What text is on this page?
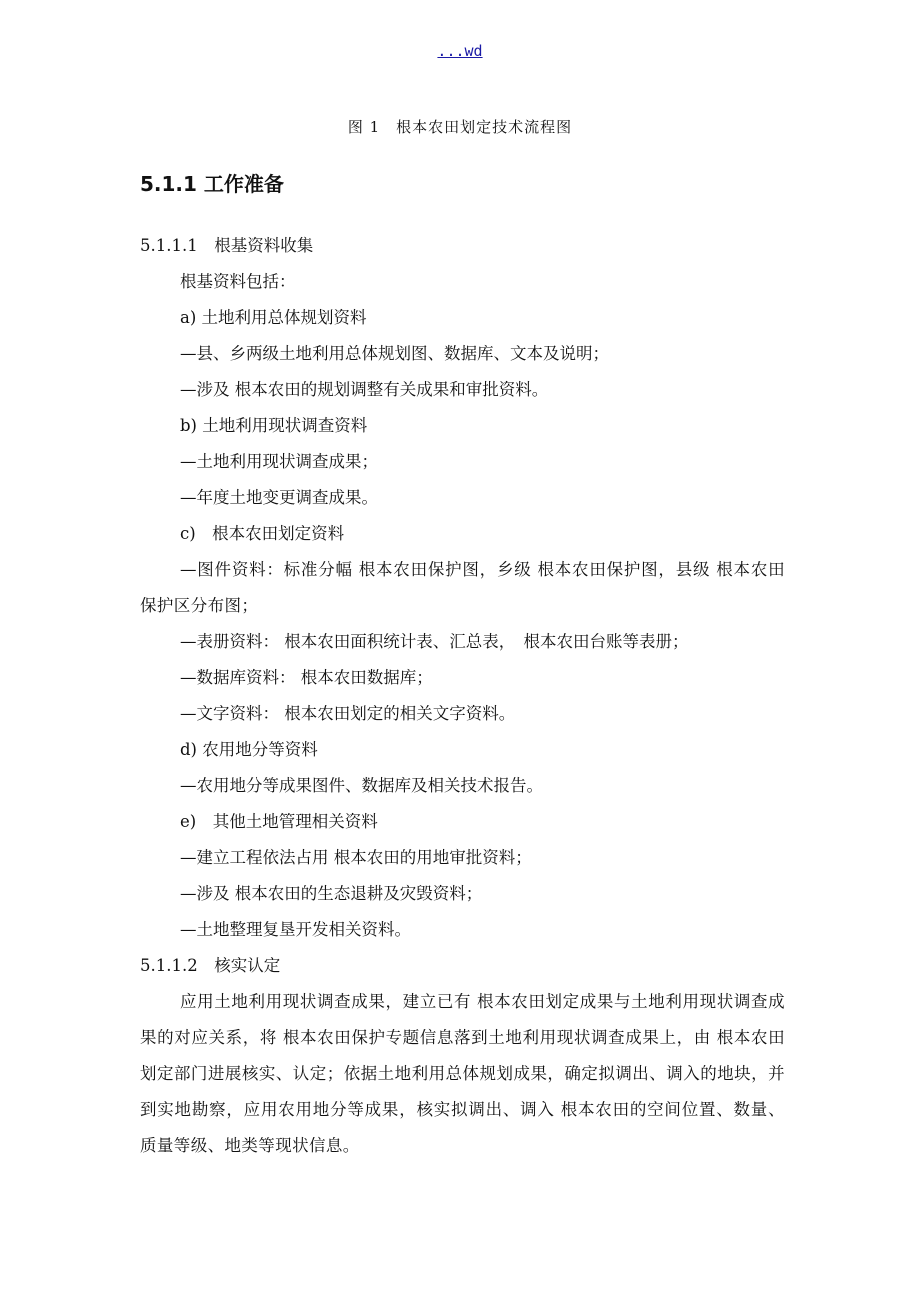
...wd
图 1　根本农田划定技术流程图
5.1.1 工作准备
5.1.1.1　根基资料收集
根基资料包括：
a) 土地利用总体规划资料
—县、乡两级土地利用总体规划图、数据库、文本及说明；
—涉及 根本农田的规划调整有关成果和审批资料。
b) 土地利用现状调查资料
—土地利用现状调查成果；
—年度土地变更调查成果。
c)　根本农田划定资料
—图件资料：标准分幅 根本农田保护图，乡级 根本农田保护图，县级 根本农田保护区分布图；
—表册资料： 根本农田面积统计表、汇总表，　根本农田台账等表册；
—数据库资料： 根本农田数据库；
—文字资料： 根本农田划定的相关文字资料。
d) 农用地分等资料
—农用地分等成果图件、数据库及相关技术报告。
e)　其他土地管理相关资料
—建立工程依法占用 根本农田的用地审批资料；
—涉及 根本农田的生态退耕及灾毁资料；
—土地整理复垦开发相关资料。
5.1.1.2　核实认定
应用土地利用现状调查成果，建立已有 根本农田划定成果与土地利用现状调查成果的对应关系，将 根本农田保护专题信息落到土地利用现状调查成果上，由 根本农田划定部门进展核实、认定；依据土地利用总体规划成果，确定拟调出、调入的地块，并到实地勘察，应用农用地分等成果，核实拟调出、调入 根本农田的空间位置、数量、质量等级、地类等现状信息。
